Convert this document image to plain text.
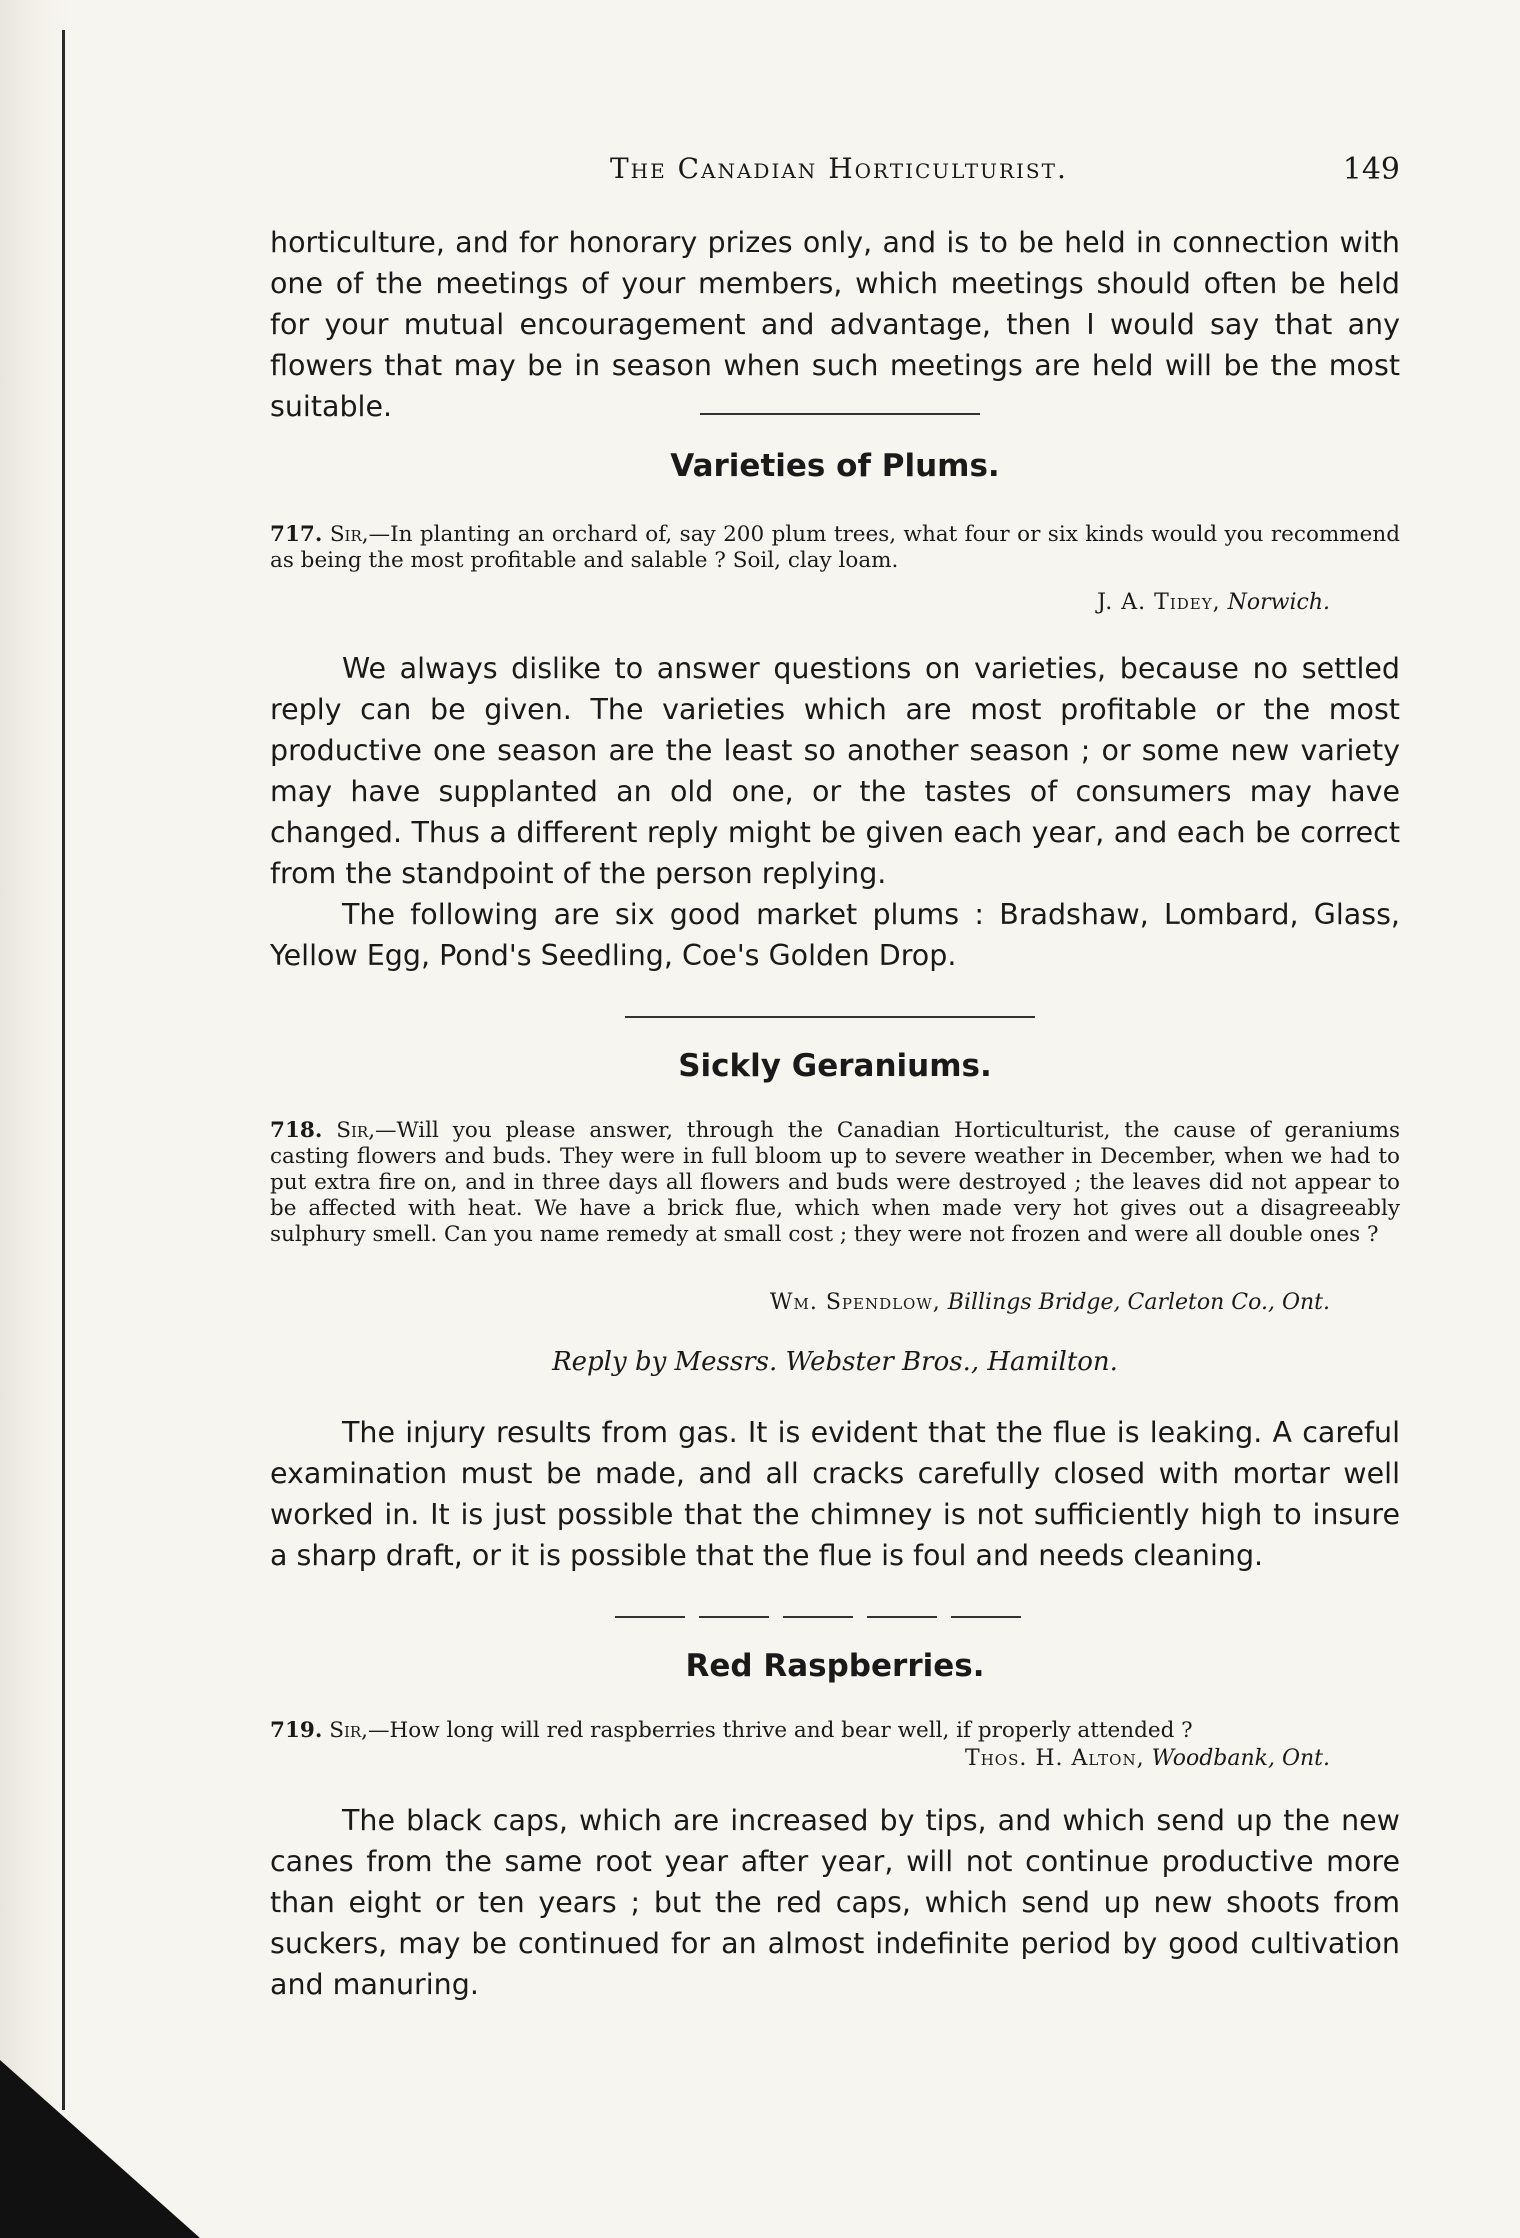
The Canadian Horticulturist.	149

horticulture, and for honorary prizes only, and is to be held in connection with one of the meetings of your members, which meetings should often be held for your mutual encouragement and advantage, then I would say that any flowers that may be in season when such meetings are held will be the most suitable.

Varieties of Plums.

717. Sir,—In planting an orchard of, say 200 plum trees, what four or six kinds would you recommend as being the most profitable and salable ? Soil, clay loam.

J. A. Tidey, Norwich.

We always dislike to answer questions on varieties, because no settled reply can be given. The varieties which are most profitable or the most productive one season are the least so another season ; or some new variety may have supplanted an old one, or the tastes of consumers may have changed. Thus a different reply might be given each year, and each be correct from the standpoint of the person replying.

The following are six good market plums : Bradshaw, Lombard, Glass, Yellow Egg, Pond's Seedling, Coe's Golden Drop.

Sickly Geraniums.

718. Sir,—Will you please answer, through the Canadian Horticulturist, the cause of geraniums casting flowers and buds. They were in full bloom up to severe weather in December, when we had to put extra fire on, and in three days all flowers and buds were destroyed ; the leaves did not appear to be affected with heat. We have a brick flue, which when made very hot gives out a disagreeably sulphury smell. Can you name remedy at small cost ; they were not frozen and were all double ones ?

Wm. Spendlow, Billings Bridge, Carleton Co., Ont.
Reply by Messrs. Webster Bros., Hamilton.

The injury results from gas. It is evident that the flue is leaking. A careful examination must be made, and all cracks carefully closed with mortar well worked in. It is just possible that the chimney is not sufficiently high to insure a sharp draft, or it is possible that the flue is foul and needs cleaning.

Red Raspberries.

719. Sir,—How long will red raspberries thrive and bear well, if properly attended ?

Thos. H. Alton, Woodbank, Ont.

The black caps, which are increased by tips, and which send up the new canes from the same root year after year, will not continue productive more than eight or ten years ; but the red caps, which send up new shoots from suckers, may be continued for an almost indefinite period by good cultivation and manuring.
